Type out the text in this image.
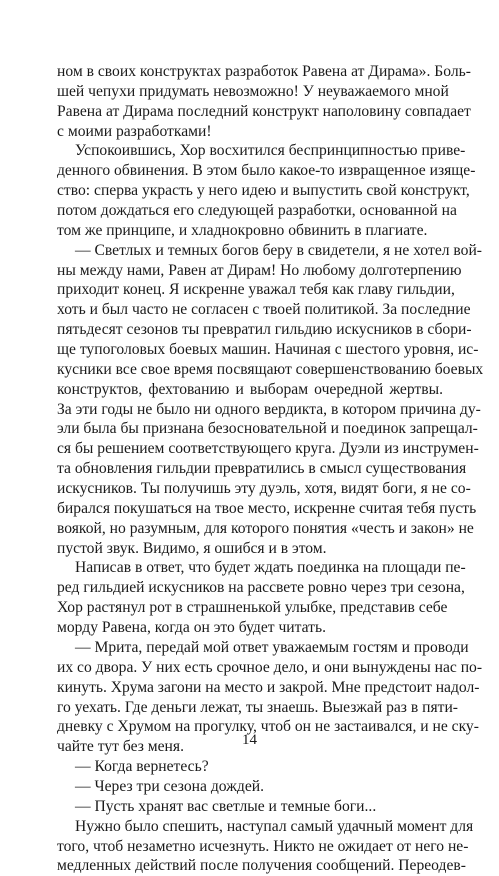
ном в своих конструктах разработок Равена ат Дирама». Боль-
шей чепухи придумать невозможно! У неуважаемого мной
Равена ат Дирама последний конструкт наполовину совпадает
с моими разработками!
Успокоившись, Хор восхитился беспринципностью приве-
денного обвинения. В этом было какое-то извращенное изяще-
ство: сперва украсть у него идею и выпустить свой конструкт,
потом дождаться его следующей разработки, основанной на
том же принципе, и хладнокровно обвинить в плагиате.
— Светлых и темных богов беру в свидетели, я не хотел вой-
ны между нами, Равен ат Дирам! Но любому долготерпению
приходит конец. Я искренне уважал тебя как главу гильдии,
хоть и был часто не согласен с твоей политикой. За последние
пятьдесят сезонов ты превратил гильдию искусников в сбори-
ще тупоголовых боевых машин. Начиная с шестого уровня, ис-
кусники все свое время посвящают совершенствованию боевых
конструктов, фехтованию и выборам очередной жертвы.
За эти годы не было ни одного вердикта, в котором причина ду-
эли была бы признана безосновательной и поединок запрещал-
ся бы решением соответствующего круга. Дуэли из инструмен-
та обновления гильдии превратились в смысл существования
искусников. Ты получишь эту дуэль, хотя, видят боги, я не со-
бирался покушаться на твое место, искренне считая тебя пусть
воякой, но разумным, для которого понятия «честь и закон» не
пустой звук. Видимо, я ошибся и в этом.
Написав в ответ, что будет ждать поединка на площади пе-
ред гильдией искусников на рассвете ровно через три сезона,
Хор растянул рот в страшненькой улыбке, представив себе
морду Равена, когда он это будет читать.
— Мрита, передай мой ответ уважаемым гостям и проводи
их со двора. У них есть срочное дело, и они вынуждены нас по-
кинуть. Хрума загони на место и закрой. Мне предстоит надол-
го уехать. Где деньги лежат, ты знаешь. Выезжай раз в пяти-
дневку с Хрумом на прогулку, чтоб он не застаивался, и не ску-
чайте тут без меня.
— Когда вернетесь?
— Через три сезона дождей.
— Пусть хранят вас светлые и темные боги...
Нужно было спешить, наступал самый удачный момент для
того, чтоб незаметно исчезнуть. Никто не ожидает от него не-
медленных действий после получения сообщений. Переодев-
14
